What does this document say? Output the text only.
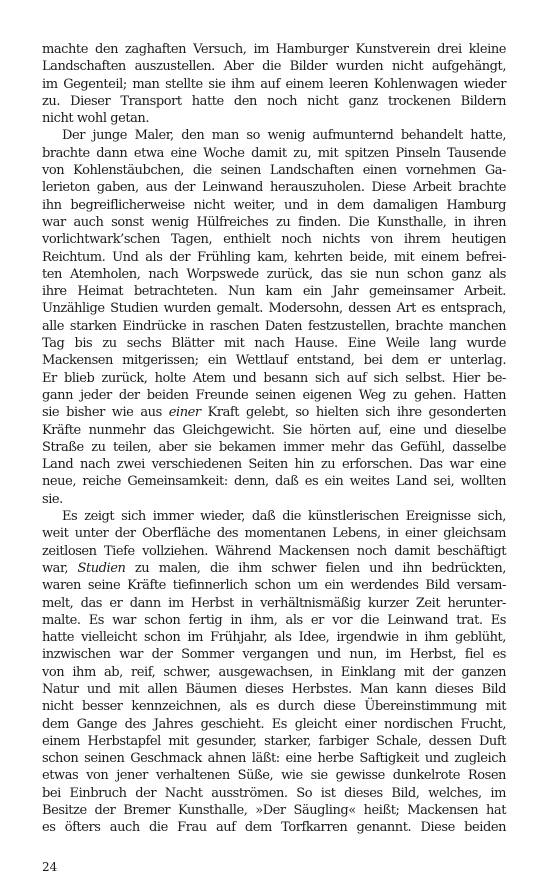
machte den zaghaften Versuch, im Hamburger Kunstverein drei kleine
Landschaften auszustellen. Aber die Bilder wurden nicht aufgehängt,
im Gegenteil; man stellte sie ihm auf einem leeren Kohlenwagen wieder
zu. Dieser Transport hatte den noch nicht ganz trockenen Bildern
nicht wohl getan.
Der junge Maler, den man so wenig aufmunternd behandelt hatte,
brachte dann etwa eine Woche damit zu, mit spitzen Pinseln Tausende
von Kohlenstäubchen, die seinen Landschaften einen vornehmen Ga-
lerieton gaben, aus der Leinwand herauszuholen. Diese Arbeit brachte
ihn begreiflicherweise nicht weiter, und in dem damaligen Hamburg
war auch sonst wenig Hülfreiches zu finden. Die Kunsthalle, in ihren
vorlichtwark’schen Tagen, enthielt noch nichts von ihrem heutigen
Reichtum. Und als der Frühling kam, kehrten beide, mit einem befrei-
ten Atemholen, nach Worpswede zurück, das sie nun schon ganz als
ihre Heimat betrachteten. Nun kam ein Jahr gemeinsamer Arbeit.
Unzählige Studien wurden gemalt. Modersohn, dessen Art es entsprach,
alle starken Eindrücke in raschen Daten festzustellen, brachte manchen
Tag bis zu sechs Blätter mit nach Hause. Eine Weile lang wurde
Mackensen mitgerissen; ein Wettlauf entstand, bei dem er unterlag.
Er blieb zurück, holte Atem und besann sich auf sich selbst. Hier be-
gann jeder der beiden Freunde seinen eigenen Weg zu gehen. Hatten
sie bisher wie aus einer Kraft gelebt, so hielten sich ihre gesonderten
Kräfte nunmehr das Gleichgewicht. Sie hörten auf, eine und dieselbe
Straße zu teilen, aber sie bekamen immer mehr das Gefühl, dasselbe
Land nach zwei verschiedenen Seiten hin zu erforschen. Das war eine
neue, reiche Gemeinsamkeit: denn, daß es ein weites Land sei, wollten
sie.
Es zeigt sich immer wieder, daß die künstlerischen Ereignisse sich,
weit unter der Oberfläche des momentanen Lebens, in einer gleichsam
zeitlosen Tiefe vollziehen. Während Mackensen noch damit beschäftigt
war, Studien zu malen, die ihm schwer fielen und ihn bedrückten,
waren seine Kräfte tiefinnerlich schon um ein werdendes Bild versam-
melt, das er dann im Herbst in verhältnismäßig kurzer Zeit herunter-
malte. Es war schon fertig in ihm, als er vor die Leinwand trat. Es
hatte vielleicht schon im Frühjahr, als Idee, irgendwie in ihm geblüht,
inzwischen war der Sommer vergangen und nun, im Herbst, fiel es
von ihm ab, reif, schwer, ausgewachsen, in Einklang mit der ganzen
Natur und mit allen Bäumen dieses Herbstes. Man kann dieses Bild
nicht besser kennzeichnen, als es durch diese Übereinstimmung mit
dem Gange des Jahres geschieht. Es gleicht einer nordischen Frucht,
einem Herbstapfel mit gesunder, starker, farbiger Schale, dessen Duft
schon seinen Geschmack ahnen läßt: eine herbe Saftigkeit und zugleich
etwas von jener verhaltenen Süße, wie sie gewisse dunkelrote Rosen
bei Einbruch der Nacht ausströmen. So ist dieses Bild, welches, im
Besitze der Bremer Kunsthalle, »Der Säugling« heißt; Mackensen hat
es öfters auch die Frau auf dem Torfkarren genannt. Diese beiden
24
